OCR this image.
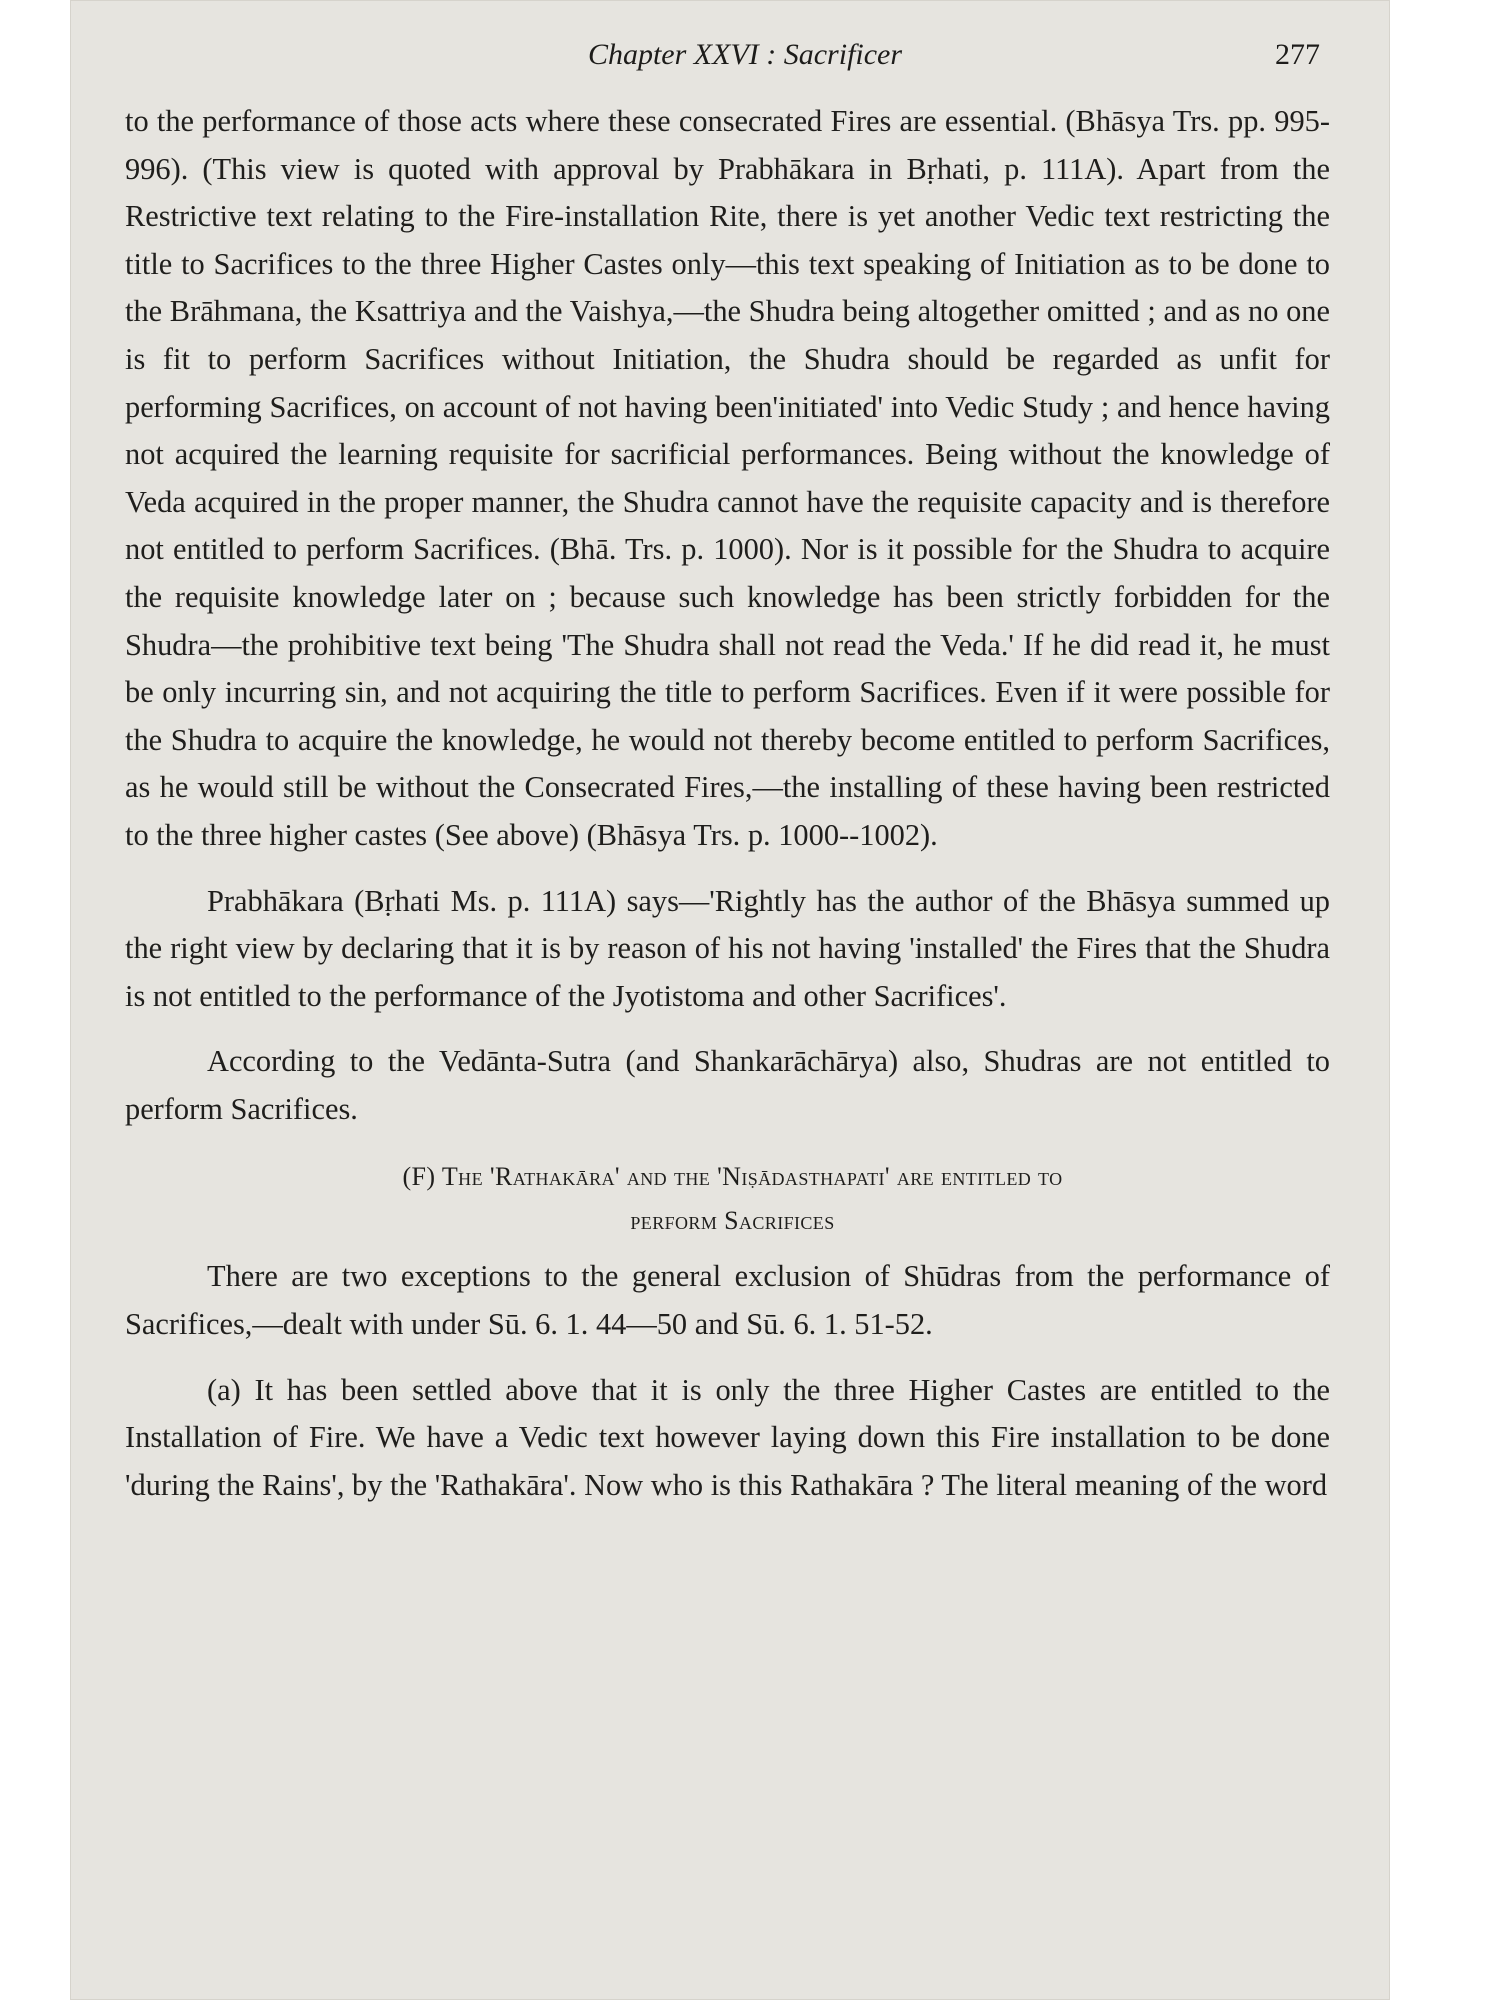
Chapter XXVI : Sacrificer	277

to the performance of those acts where these consecrated Fires are essential. (Bhāsya Trs. pp. 995-996). (This view is quoted with approval by Prabhākara in Bṛhati, p. 111A). Apart from the Restrictive text relating to the Fire-installation Rite, there is yet another Vedic text restricting the title to Sacrifices to the three Higher Castes only—this text speaking of Initiation as to be done to the Brāhmana, the Ksattriya and the Vaishya,—the Shudra being altogether omitted ; and as no one is fit to perform Sacrifices without Initiation, the Shudra should be regarded as unfit for performing Sacrifices, on account of not having been'initiated' into Vedic Study ; and hence having not acquired the learning requisite for sacrificial performances. Being without the knowledge of Veda acquired in the proper manner, the Shudra cannot have the requisite capacity and is therefore not entitled to perform Sacrifices. (Bhā. Trs. p. 1000). Nor is it possible for the Shudra to acquire the requisite knowledge later on ; because such knowledge has been strictly forbidden for the Shudra—the prohibitive text being 'The Shudra shall not read the Veda.' If he did read it, he must be only incurring sin, and not acquiring the title to perform Sacrifices. Even if it were possible for the Shudra to acquire the knowledge, he would not thereby become entitled to perform Sacrifices, as he would still be without the Consecrated Fires,—the installing of these having been restricted to the three higher castes (See above) (Bhāsya Trs. p. 1000--1002).

Prabhākara (Bṛhati Ms. p. 111A) says—'Rightly has the author of the Bhāsya summed up the right view by declaring that it is by reason of his not having 'installed' the Fires that the Shudra is not entitled to the performance of the Jyotistoma and other Sacrifices'.

According to the Vedānta-Sutra (and Shankarāchārya) also, Shudras are not entitled to perform Sacrifices.

(F) The 'Rathakāra' and the 'Niṣādasthapati' are entitled to
perform Sacrifices

There are two exceptions to the general exclusion of Shūdras from the performance of Sacrifices,—dealt with under Sū. 6. 1. 44—50 and Sū. 6. 1. 51-52.

(a) It has been settled above that it is only the three Higher Castes are entitled to the Installation of Fire. We have a Vedic text however laying down this Fire installation to be done 'during the Rains', by the 'Rathakāra'. Now who is this Rathakāra ? The literal meaning of the word
